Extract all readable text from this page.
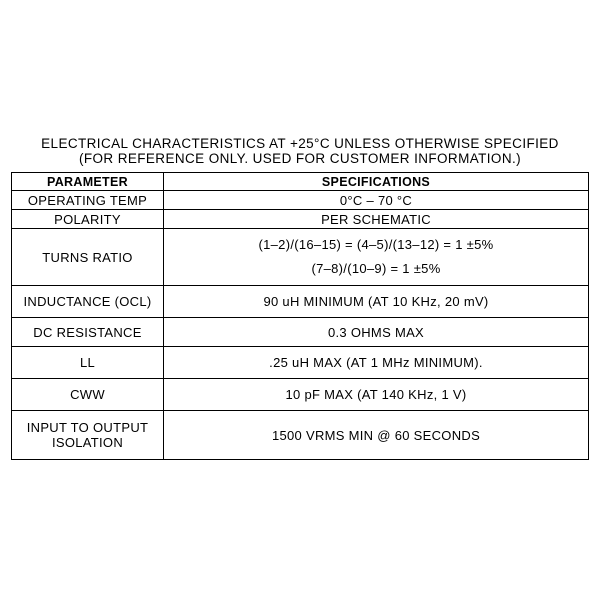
ELECTRICAL CHARACTERISTICS AT +25°C UNLESS OTHERWISE SPECIFIED
(FOR REFERENCE ONLY. USED FOR CUSTOMER INFORMATION.)
PARAMETER	SPECIFICATIONS
OPERATING TEMP	0°C – 70 °C
POLARITY	PER SCHEMATIC
TURNS RATIO	(1–2)/(16–15) = (4–5)/(13–12) = 1 ±5%
(7–8)/(10–9) = 1 ±5%

INDUCTANCE (OCL)	90 uH MINIMUM (AT 10 KHz, 20 mV)
DC RESISTANCE	0.3 OHMS MAX
LL	.25 uH MAX (AT 1 MHz MINIMUM).
CWW	10 pF MAX (AT 140 KHz, 1 V)

INPUT TO OUTPUT
ISOLATION	1500 VRMS MIN @ 60 SECONDS
